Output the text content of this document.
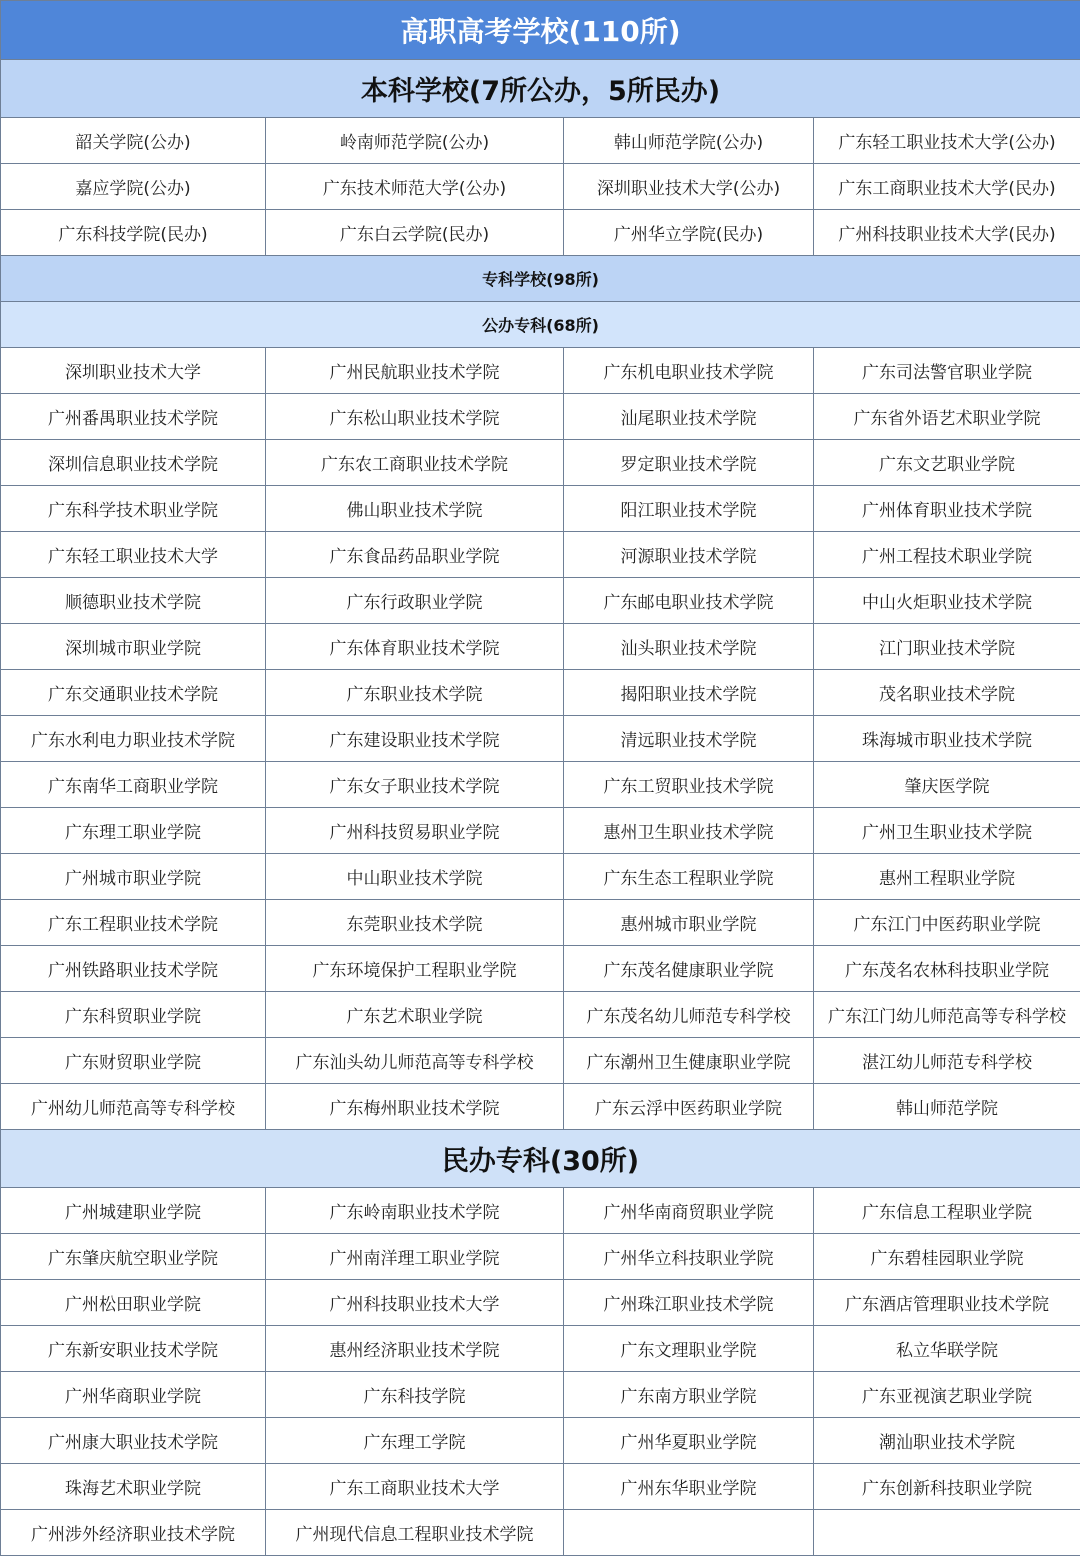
高职高考学校(110所)			
本科学校(7所公办，5所民办)			
韶关学院(公办)	岭南师范学院(公办)	韩山师范学院(公办)	广东轻工职业技术大学(公办)
嘉应学院(公办)	广东技术师范大学(公办)	深圳职业技术大学(公办)	广东工商职业技术大学(民办)
广东科技学院(民办)	广东白云学院(民办)	广州华立学院(民办)	广州科技职业技术大学(民办)
专科学校(98所)			
公办专科(68所)			
深圳职业技术大学	广州民航职业技术学院	广东机电职业技术学院	广东司法警官职业学院
广州番禺职业技术学院	广东松山职业技术学院	汕尾职业技术学院	广东省外语艺术职业学院
深圳信息职业技术学院	广东农工商职业技术学院	罗定职业技术学院	广东文艺职业学院
广东科学技术职业学院	佛山职业技术学院	阳江职业技术学院	广州体育职业技术学院
广东轻工职业技术大学	广东食品药品职业学院	河源职业技术学院	广州工程技术职业学院
顺德职业技术学院	广东行政职业学院	广东邮电职业技术学院	中山火炬职业技术学院
深圳城市职业学院	广东体育职业技术学院	汕头职业技术学院	江门职业技术学院
广东交通职业技术学院	广东职业技术学院	揭阳职业技术学院	茂名职业技术学院
广东水利电力职业技术学院	广东建设职业技术学院	清远职业技术学院	珠海城市职业技术学院
广东南华工商职业学院	广东女子职业技术学院	广东工贸职业技术学院	肇庆医学院
广东理工职业学院	广州科技贸易职业学院	惠州卫生职业技术学院	广州卫生职业技术学院
广州城市职业学院	中山职业技术学院	广东生态工程职业学院	惠州工程职业学院
广东工程职业技术学院	东莞职业技术学院	惠州城市职业学院	广东江门中医药职业学院
广州铁路职业技术学院	广东环境保护工程职业学院	广东茂名健康职业学院	广东茂名农林科技职业学院
广东科贸职业学院	广东艺术职业学院	广东茂名幼儿师范专科学校	广东江门幼儿师范高等专科学校
广东财贸职业学院	广东汕头幼儿师范高等专科学校	广东潮州卫生健康职业学院	湛江幼儿师范专科学校
广州幼儿师范高等专科学校	广东梅州职业技术学院	广东云浮中医药职业学院	韩山师范学院
民办专科(30所)			
广州城建职业学院	广东岭南职业技术学院	广州华南商贸职业学院	广东信息工程职业学院
广东肇庆航空职业学院	广州南洋理工职业学院	广州华立科技职业学院	广东碧桂园职业学院
广州松田职业学院	广州科技职业技术大学	广州珠江职业技术学院	广东酒店管理职业技术学院
广东新安职业技术学院	惠州经济职业技术学院	广东文理职业学院	私立华联学院
广州华商职业学院	广东科技学院	广东南方职业学院	广东亚视演艺职业学院
广州康大职业技术学院	广东理工学院	广州华夏职业学院	潮汕职业技术学院
珠海艺术职业学院	广东工商职业技术大学	广州东华职业学院	广东创新科技职业学院
广州涉外经济职业技术学院	广州现代信息工程职业技术学院		
